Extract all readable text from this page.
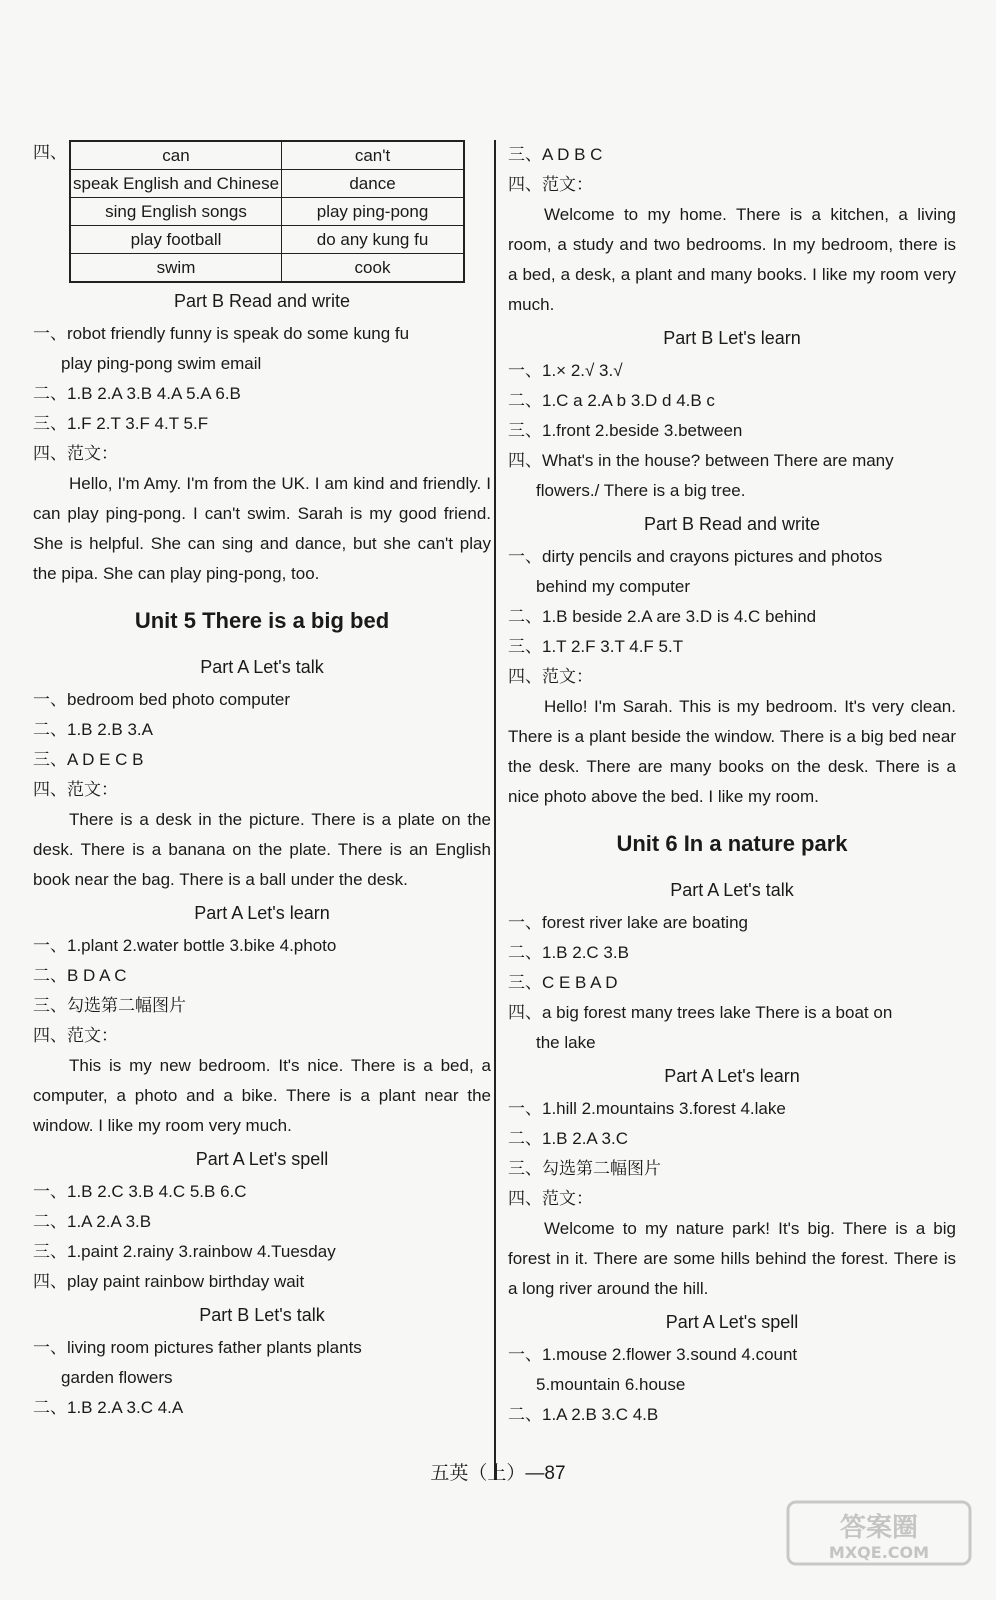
四、	can	can't
speak English and Chinese	dance
sing English songs	play ping-pong
play football	do any kung fu
swim	cook
Part B Read and write
一、robot friendly funny is speak do some kung fu
play ping-pong swim email
二、1.B 2.A 3.B 4.A 5.A 6.B
三、1.F 2.T 3.F 4.T 5.F
四、范文：
Hello, I'm Amy. I'm from the UK. I am kind and friendly. I can play ping-pong. I can't swim. Sarah is my good friend. She is helpful. She can sing and dance, but she can't play the pipa. She can play ping-pong, too.
Unit 5 There is a big bed
Part A Let's talk
一、bedroom bed photo computer
二、1.B 2.B 3.A
三、A D E C B
四、范文：
There is a desk in the picture. There is a plate on the desk. There is a banana on the plate. There is an English book near the bag. There is a ball under the desk.
Part A Let's learn
一、1.plant 2.water bottle 3.bike 4.photo
二、B D A C
三、勾选第二幅图片
四、范文：
This is my new bedroom. It's nice. There is a bed, a computer, a photo and a bike. There is a plant near the window. I like my room very much.
Part A Let's spell
一、1.B 2.C 3.B 4.C 5.B 6.C
二、1.A 2.A 3.B
三、1.paint 2.rainy 3.rainbow 4.Tuesday
四、play paint rainbow birthday wait
Part B Let's talk
一、living room pictures father plants plants
garden flowers
二、1.B 2.A 3.C 4.A
三、A D B C
四、范文：
Welcome to my home. There is a kitchen, a living room, a study and two bedrooms. In my bedroom, there is a bed, a desk, a plant and many books. I like my room very much.
Part B Let's learn
一、1.× 2.√ 3.√
二、1.C a 2.A b 3.D d 4.B c
三、1.front 2.beside 3.between
四、What's in the house? between There are many
flowers./ There is a big tree.
Part B Read and write
一、dirty pencils and crayons pictures and photos
behind my computer
二、1.B beside 2.A are 3.D is 4.C behind
三、1.T 2.F 3.T 4.F 5.T
四、范文：
Hello! I'm Sarah. This is my bedroom. It's very clean. There is a plant beside the window. There is a big bed near the desk. There are many books on the desk. There is a nice photo above the bed. I like my room.
Unit 6 In a nature park
Part A Let's talk
一、forest river lake are boating
二、1.B 2.C 3.B
三、C E B A D
四、a big forest many trees lake There is a boat on
the lake
Part A Let's learn
一、1.hill 2.mountains 3.forest 4.lake
二、1.B 2.A 3.C
三、勾选第二幅图片
四、范文：
Welcome to my nature park! It's big. There is a big forest in it. There are some hills behind the forest. There is a long river around the hill.
Part A Let's spell
一、1.mouse 2.flower 3.sound 4.count
5.mountain 6.house
二、1.A 2.B 3.C 4.B
五英（上）—87
答案圈
MXQE.COM
